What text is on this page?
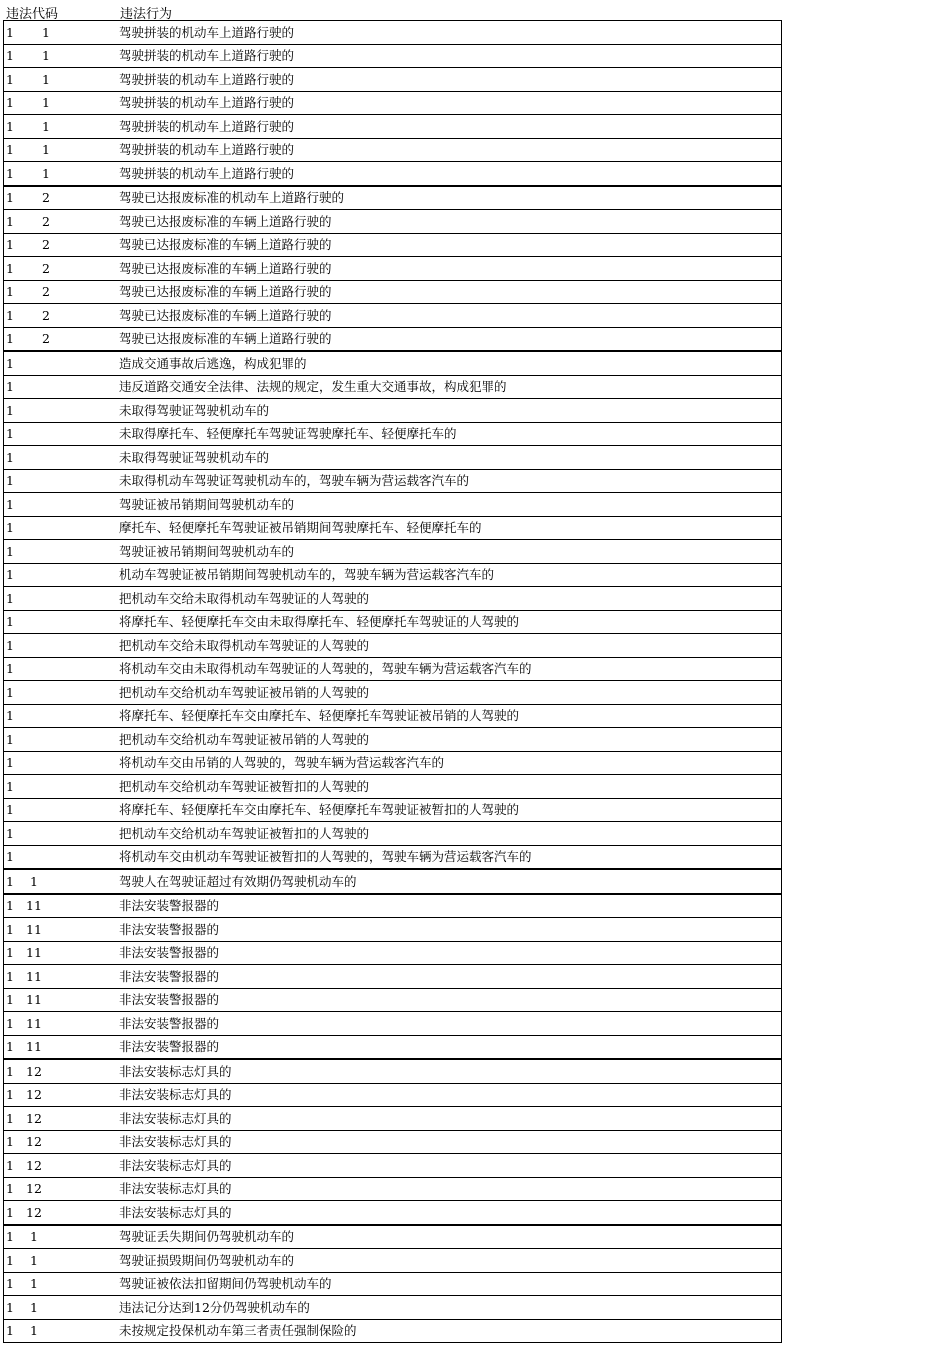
违法代码	违法行为
1 1	驾驶拼装的机动车上道路行驶的

1 1	驾驶拼装的机动车上道路行驶的

1 1	驾驶拼装的机动车上道路行驶的

1 1	驾驶拼装的机动车上道路行驶的

1 1	驾驶拼装的机动车上道路行驶的

1 1	驾驶拼装的机动车上道路行驶的

1 1	驾驶拼装的机动车上道路行驶的

1 2	驾驶已达报废标准的机动车上道路行驶的

1 2	驾驶已达报废标准的车辆上道路行驶的

1 2	驾驶已达报废标准的车辆上道路行驶的

1 2	驾驶已达报废标准的车辆上道路行驶的

1 2	驾驶已达报废标准的车辆上道路行驶的

1 2	驾驶已达报废标准的车辆上道路行驶的

1 2	驾驶已达报废标准的车辆上道路行驶的

1	造成交通事故后逃逸，构成犯罪的

1	违反道路交通安全法律、法规的规定，发生重大交通事故，构成犯罪的

1	未取得驾驶证驾驶机动车的

1	未取得摩托车、轻便摩托车驾驶证驾驶摩托车、轻便摩托车的

1	未取得驾驶证驾驶机动车的

1	未取得机动车驾驶证驾驶机动车的，驾驶车辆为营运载客汽车的

1	驾驶证被吊销期间驾驶机动车的

1	摩托车、轻便摩托车驾驶证被吊销期间驾驶摩托车、轻便摩托车的

1	驾驶证被吊销期间驾驶机动车的

1	机动车驾驶证被吊销期间驾驶机动车的，驾驶车辆为营运载客汽车的

1	把机动车交给未取得机动车驾驶证的人驾驶的

1	将摩托车、轻便摩托车交由未取得摩托车、轻便摩托车驾驶证的人驾驶的

1	把机动车交给未取得机动车驾驶证的人驾驶的

1	将机动车交由未取得机动车驾驶证的人驾驶的，驾驶车辆为营运载客汽车的

1	把机动车交给机动车驾驶证被吊销的人驾驶的

1	将摩托车、轻便摩托车交由摩托车、轻便摩托车驾驶证被吊销的人驾驶的

1	把机动车交给机动车驾驶证被吊销的人驾驶的

1	将机动车交由吊销的人驾驶的，驾驶车辆为营运载客汽车的

1	把机动车交给机动车驾驶证被暂扣的人驾驶的

1	将摩托车、轻便摩托车交由摩托车、轻便摩托车驾驶证被暂扣的人驾驶的

1	把机动车交给机动车驾驶证被暂扣的人驾驶的

1	将机动车交由机动车驾驶证被暂扣的人驾驶的，驾驶车辆为营运载客汽车的

1 1	驾驶人在驾驶证超过有效期仍驾驶机动车的

1 11	非法安装警报器的

1 11	非法安装警报器的

1 11	非法安装警报器的

1 11	非法安装警报器的

1 11	非法安装警报器的

1 11	非法安装警报器的

1 11	非法安装警报器的

1 12	非法安装标志灯具的

1 12	非法安装标志灯具的

1 12	非法安装标志灯具的

1 12	非法安装标志灯具的

1 12	非法安装标志灯具的

1 12	非法安装标志灯具的

1 12	非法安装标志灯具的

1 1	驾驶证丢失期间仍驾驶机动车的

1 1	驾驶证损毁期间仍驾驶机动车的

1 1	驾驶证被依法扣留期间仍驾驶机动车的

1 1	违法记分达到12分仍驾驶机动车的

1 1	未按规定投保机动车第三者责任强制保险的
